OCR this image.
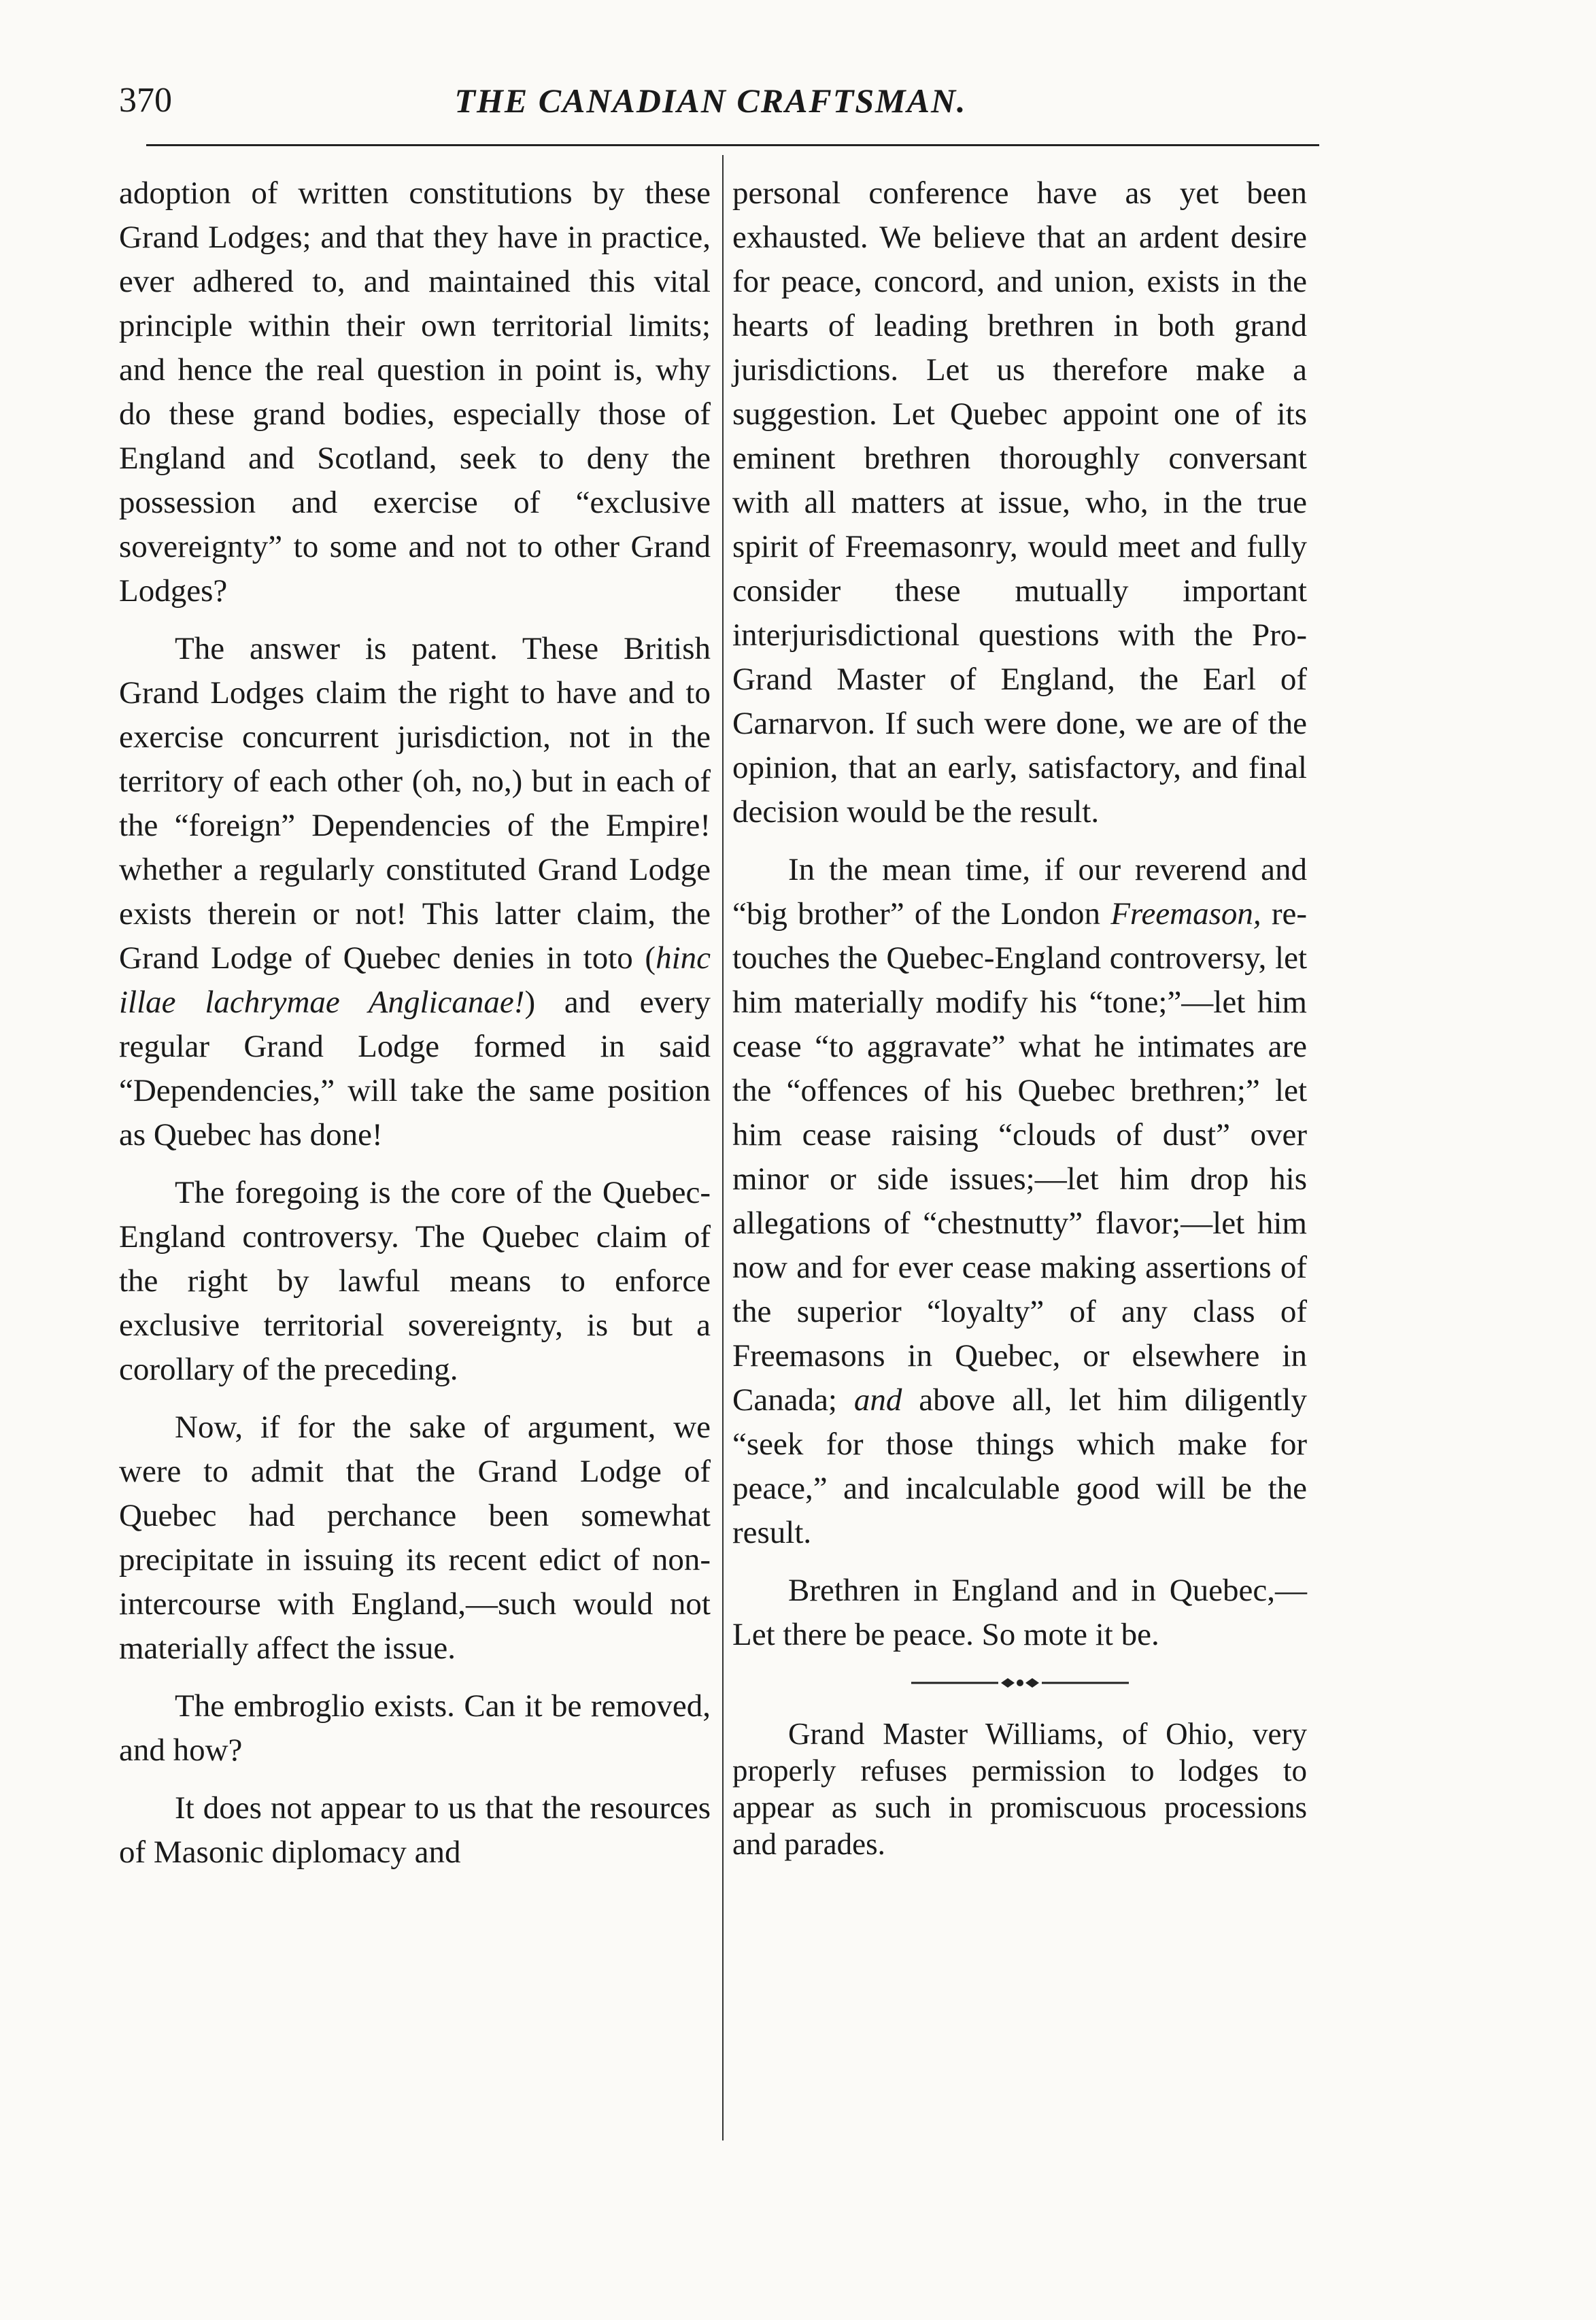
370	THE CANADIAN CRAFTSMAN.

adoption of written constitutions by these Grand Lodges; and that they have in practice, ever adhered to, and maintained this vital principle within their own territorial limits; and hence the real question in point is, why do these grand bodies, especially those of England and Scotland, seek to deny the possession and exercise of “exclusive sovereignty” to some and not to other Grand Lodges?

The answer is patent. These British Grand Lodges claim the right to have and to exercise concurrent jurisdiction, not in the territory of each other (oh, no,) but in each of the “foreign” Dependencies of the Empire! whether a regularly constituted Grand Lodge exists therein or not! This latter claim, the Grand Lodge of Quebec denies in toto (hinc illae lachrymae Anglicanae!) and every regular Grand Lodge formed in said “Dependencies,” will take the same position as Quebec has done!

The foregoing is the core of the Quebec-England controversy. The Quebec claim of the right by lawful means to enforce exclusive territorial sovereignty, is but a corollary of the preceding.

Now, if for the sake of argument, we were to admit that the Grand Lodge of Quebec had perchance been somewhat precipitate in issuing its recent edict of non-intercourse with England,—such would not materially affect the issue.

The embroglio exists. Can it be removed, and how?

It does not appear to us that the resources of Masonic diplomacy and

personal conference have as yet been exhausted. We believe that an ardent desire for peace, concord, and union, exists in the hearts of leading brethren in both grand jurisdictions. Let us therefore make a suggestion. Let Quebec appoint one of its eminent brethren thoroughly conversant with all matters at issue, who, in the true spirit of Freemasonry, would meet and fully consider these mutually important interjurisdictional questions with the Pro-Grand Master of England, the Earl of Carnarvon. If such were done, we are of the opinion, that an early, satisfactory, and final decision would be the result.

In the mean time, if our reverend and “big brother” of the London Freemason, re-touches the Quebec-England controversy, let him materially modify his “tone;”—let him cease “to aggravate” what he intimates are the “offences of his Quebec brethren;” let him cease raising “clouds of dust” over minor or side issues;—let him drop his allegations of “chestnutty” flavor;—let him now and for ever cease making assertions of the superior “loyalty” of any class of Freemasons in Quebec, or elsewhere in Canada; and above all, let him diligently “seek for those things which make for peace,” and incalculable good will be the result.

Brethren in England and in Quebec,—Let there be peace. So mote it be.

Grand Master Williams, of Ohio, very properly refuses permission to lodges to appear as such in promiscuous processions and parades.
